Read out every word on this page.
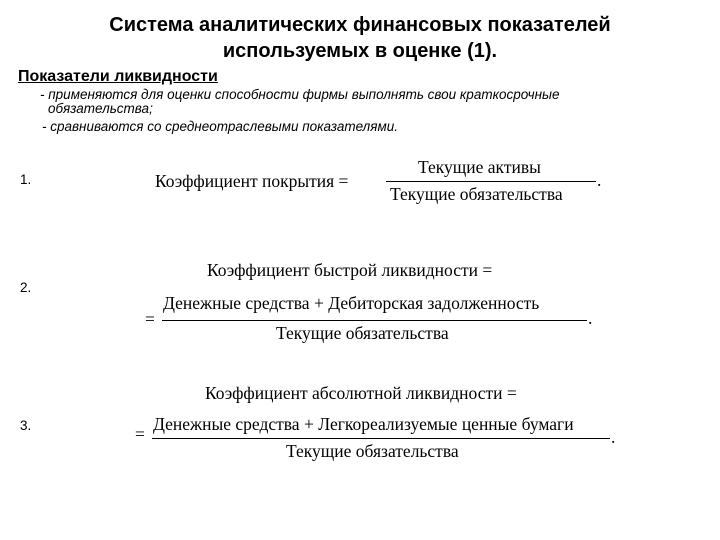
Система аналитических финансовых показателей
используемых в оценке (1).
Показатели ликвидности
- применяются для оценки способности фирмы выполнять свои краткосрочные
обязательства;
- сравниваются со среднеотраслевыми показателями.
1.	Коэффициент покрытия =
Текущие активы
Текущие обязательства
.
2.
Коэффициент быстрой ликвидности =
=
Денежные средства + Дебиторская задолженность
Текущие обязательства
.
3.
Коэффициент абсолютной ликвидности =
= Денежные средства + Легкореализуемые ценные бумаги
Текущие обязательства
.
